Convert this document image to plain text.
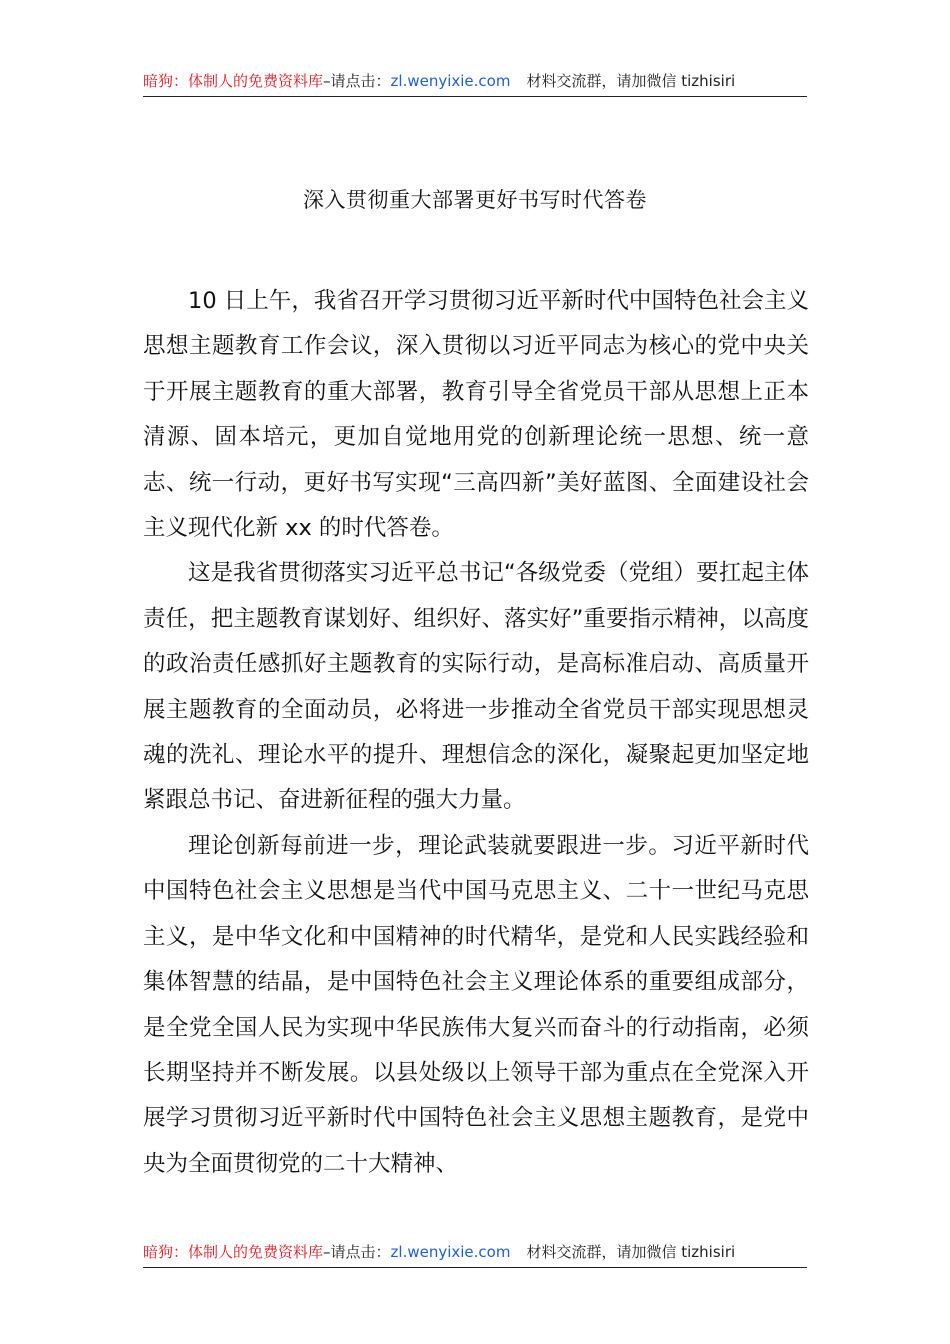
暗狗：体制人的免费资料库–请点击：zl.wenyixie.com 材料交流群，请加微信 tizhisiri
深入贯彻重大部署更好书写时代答卷

10 日上午，我省召开学习贯彻习近平新时代中国特色社会主义思想主题教育工作会议，深入贯彻以习近平同志为核心的党中央关于开展主题教育的重大部署，教育引导全省党员干部从思想上正本清源、固本培元，更加自觉地用党的创新理论统一思想、统一意志、统一行动，更好书写实现“三高四新”美好蓝图、全面建设社会主义现代化新 xx 的时代答卷。

这是我省贯彻落实习近平总书记“各级党委（党组）要扛起主体责任，把主题教育谋划好、组织好、落实好”重要指示精神，以高度的政治责任感抓好主题教育的实际行动，是高标准启动、高质量开展主题教育的全面动员，必将进一步推动全省党员干部实现思想灵魂的洗礼、理论水平的提升、理想信念的深化，凝聚起更加坚定地紧跟总书记、奋进新征程的强大力量。

理论创新每前进一步，理论武装就要跟进一步。习近平新时代中国特色社会主义思想是当代中国马克思主义、二十一世纪马克思主义，是中华文化和中国精神的时代精华，是党和人民实践经验和集体智慧的结晶，是中国特色社会主义理论体系的重要组成部分，是全党全国人民为实现中华民族伟大复兴而奋斗的行动指南，必须长期坚持并不断发展。以县处级以上领导干部为重点在全党深入开展学习贯彻习近平新时代中国特色社会主义思想主题教育，是党中央为全面贯彻党的二十大精神、

暗狗：体制人的免费资料库–请点击：zl.wenyixie.com 材料交流群，请加微信 tizhisiri
